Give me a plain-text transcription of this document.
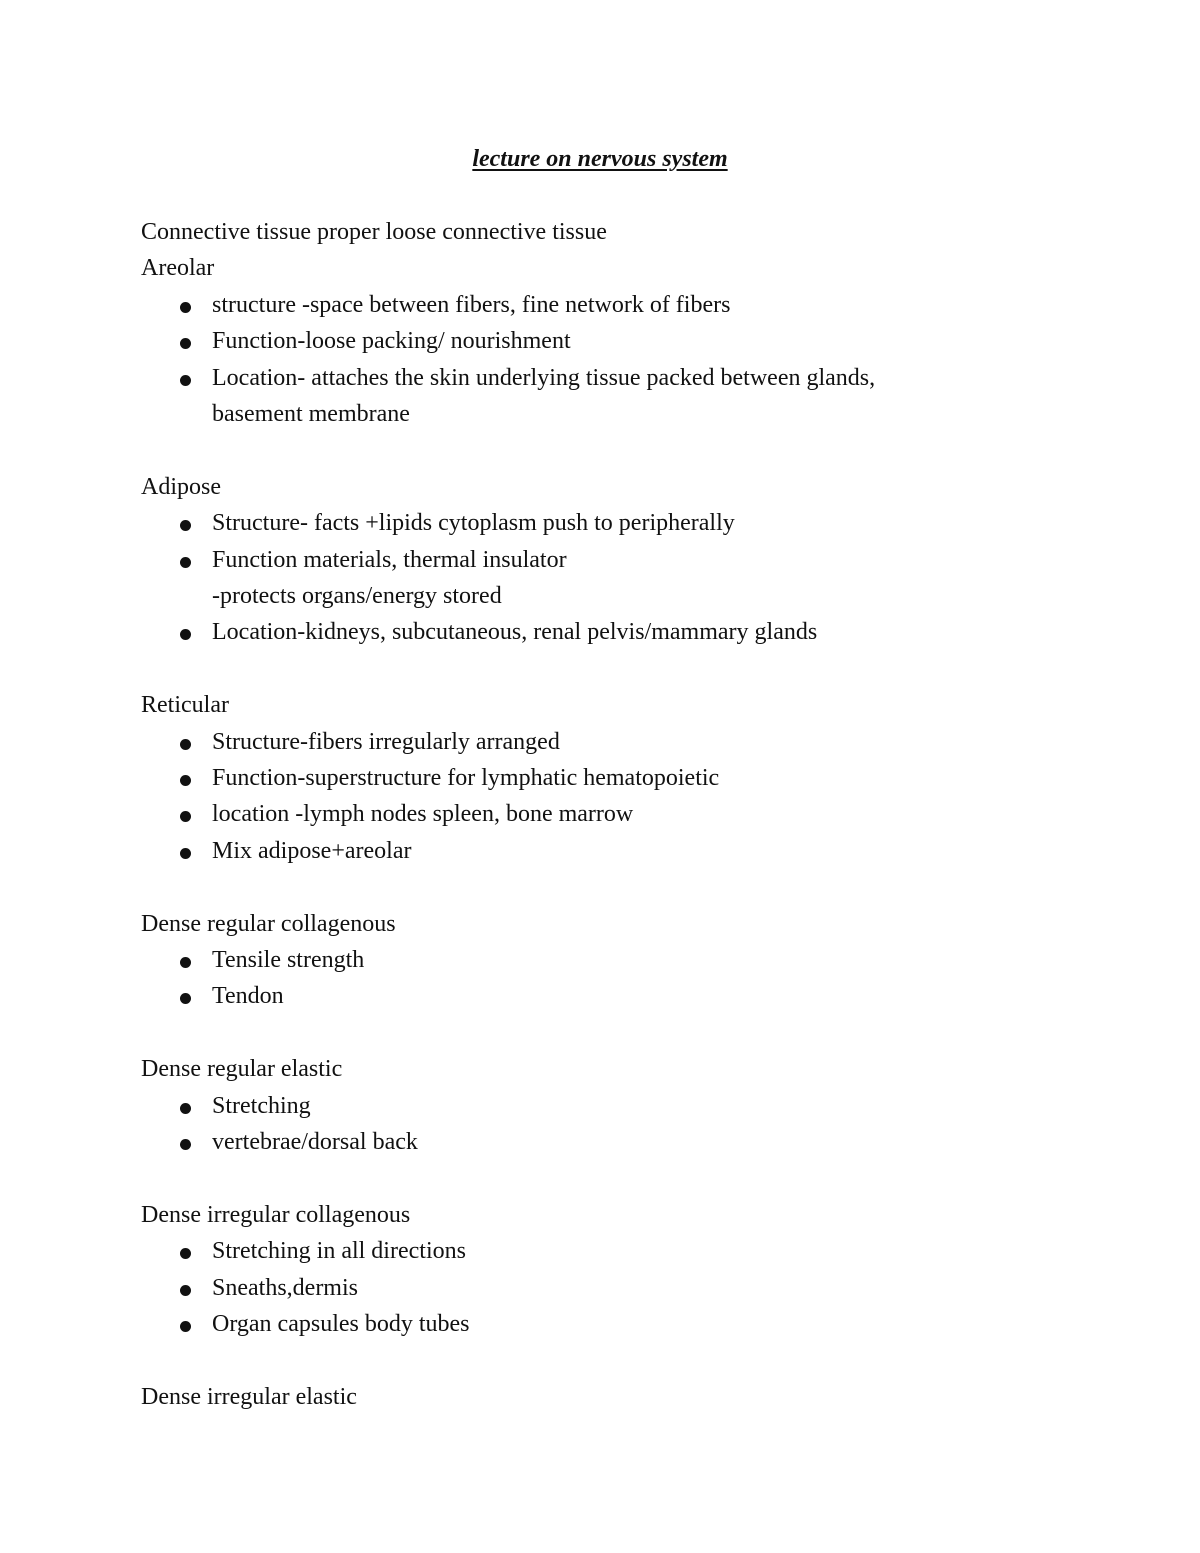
lecture on nervous system

Connective tissue proper loose connective tissue

Areolar

structure -space between fibers, fine network of fibers
Function-loose packing/ nourishment
Location- attaches the skin underlying tissue packed between glands,
basement membrane

Adipose

Structure- facts +lipids cytoplasm push to peripherally
Function materials, thermal insulator
-protects organs/energy stored
Location-kidneys, subcutaneous, renal pelvis/mammary glands

Reticular

Structure-fibers irregularly arranged
Function-superstructure for lymphatic hematopoietic
location -lymph nodes spleen, bone marrow
Mix adipose+areolar

Dense regular collagenous

Tensile strength
Tendon

Dense regular elastic

Stretching
vertebrae/dorsal back

Dense irregular collagenous

Stretching in all directions
Sneaths,dermis
Organ capsules body tubes

Dense irregular elastic
